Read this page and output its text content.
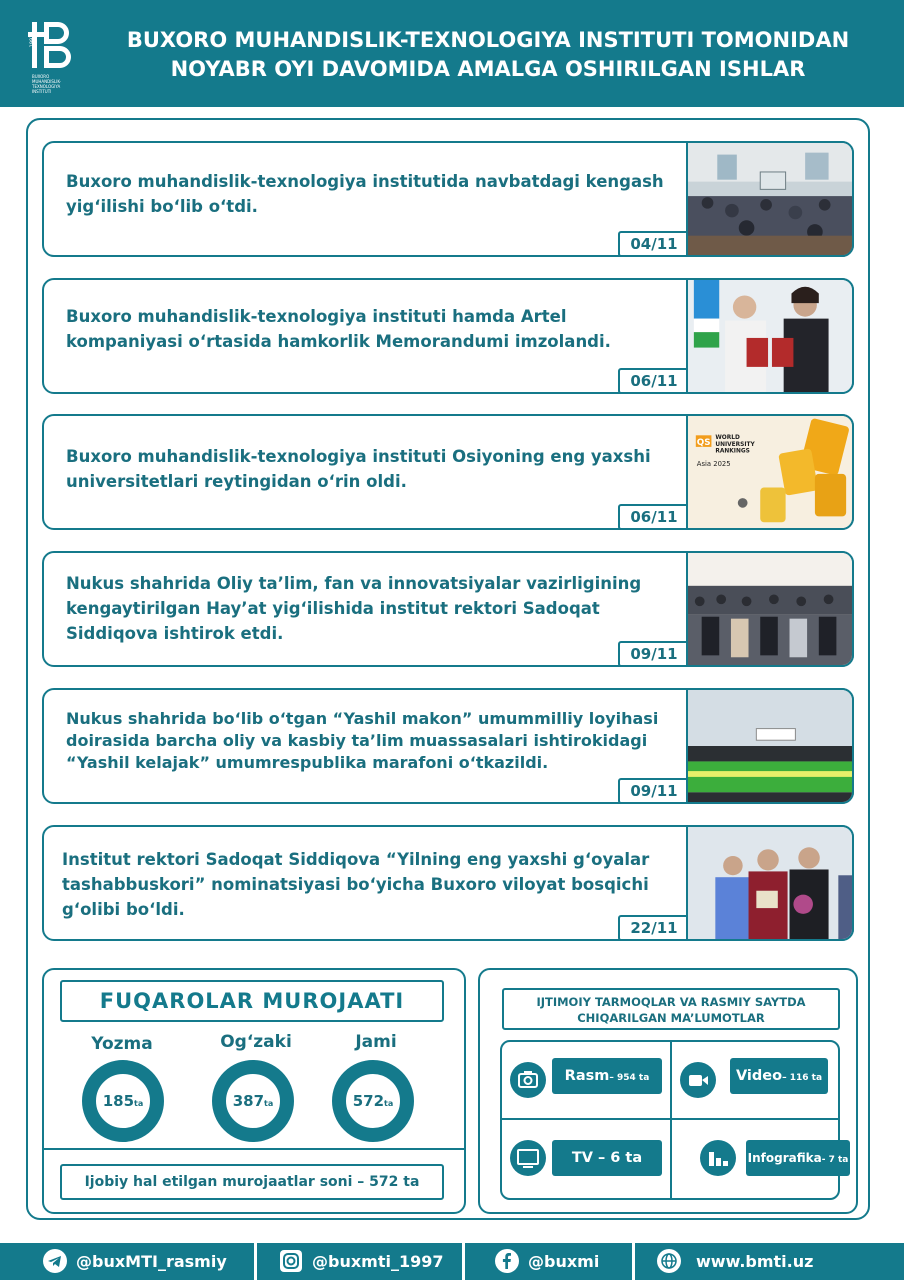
1997
BUXORO MUHANDISLIK- TEXNOLOGIYA INSTITUTI
BUXORO MUHANDISLIK-TEXNOLOGIYA INSTITUTI TOMONIDAN
NOYABR OYI DAVOMIDA AMALGA OSHIRILGAN ISHLAR
Buxoro muhandislik-texnologiya institutida navbatdagi kengash yig‘ilishi bo‘lib o‘tdi.
04/11
Buxoro muhandislik-texnologiya instituti hamda Artel kompaniyasi o‘rtasida hamkorlik Memorandumi imzolandi.
06/11
Buxoro muhandislik-texnologiya instituti Osiyoning eng yaxshi universitetlari reytingidan o‘rin oldi.
06/11
QS WORLD
UNIVERSITY
RANKINGS
Asia 2025
Nukus shahrida Oliy ta’lim, fan va innovatsiyalar vazirligining kengaytirilgan Hay’at yig‘ilishida institut rektori Sadoqat Siddiqova ishtirok etdi.
09/11
Nukus shahrida bo‘lib o‘tgan “Yashil makon” umummilliy loyihasi doirasida barcha oliy va kasbiy ta’lim muassasalari ishtirokidagi “Yashil kelajak” umumrespublika marafoni o‘tkazildi.
09/11
Institut rektori Sadoqat Siddiqova “Yilning eng yaxshi g‘oyalar tashabbuskori” nominatsiyasi bo‘yicha Buxoro viloyat bosqichi g‘olibi bo‘ldi.
22/11
FUQAROLAR MUROJAATI
Yozma
185ta
Og‘zaki
387ta
Jami
572ta
Ijobiy hal etilgan murojaatlar soni – 572 ta
IJTIMOIY TARMOQLAR VA RASMIY SAYTDA
CHIQARILGAN MA’LUMOTLAR
Rasm– 954 ta	Video– 116 ta
TV – 6 ta	Infografika- 7 ta
@buxMTI_rasmiy	@buxmti_1997	@buxmi	www.bmti.uz
